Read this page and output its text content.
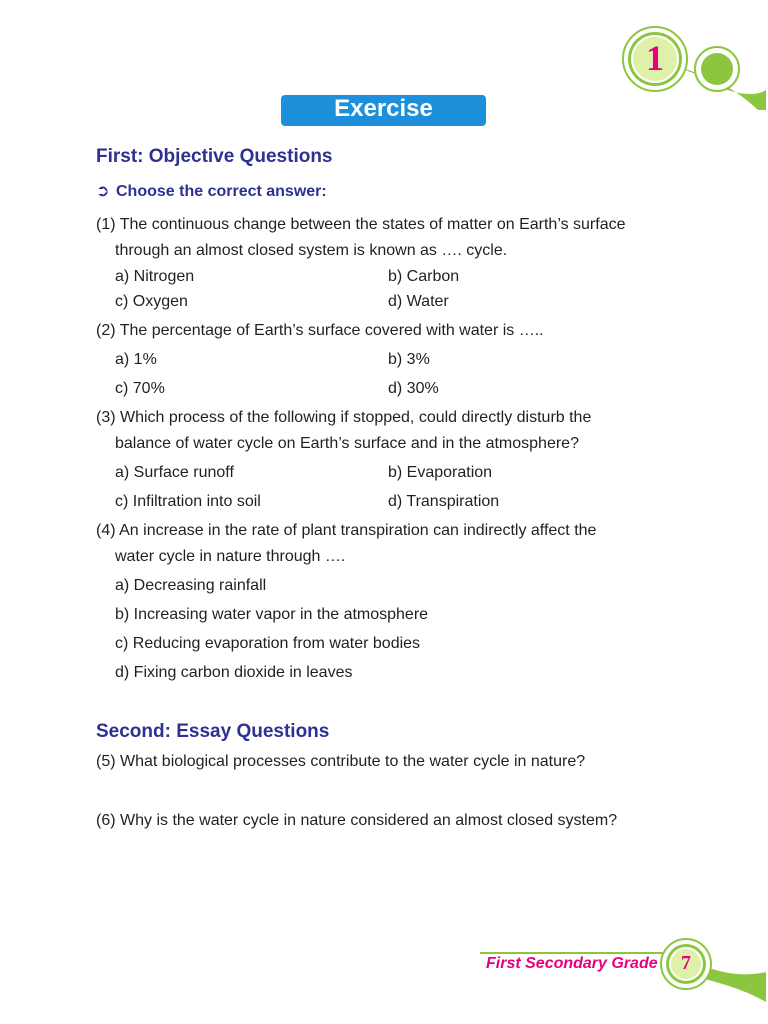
1
Exercise
First: Objective Questions
➲ Choose the correct answer:
(1) The continuous change between the states of matter on Earth’s surface
through an almost closed system is known as …. cycle.
a) Nitrogen	b) Carbon
c) Oxygen	d) Water
(2) The percentage of Earth’s surface covered with water is …..
a) 1%	b) 3%
c) 70%	d) 30%
(3) Which process of the following if stopped, could directly disturb the
balance of water cycle on Earth’s surface and in the atmosphere?
a) Surface runoff	b) Evaporation
c) Infiltration into soil	d) Transpiration
(4) An increase in the rate of plant transpiration can indirectly affect the
water cycle in nature through ….
a) Decreasing rainfall
b) Increasing water vapor in the atmosphere
c) Reducing evaporation from water bodies
d) Fixing carbon dioxide in leaves
Second: Essay Questions
(5) What biological processes contribute to the water cycle in nature?
(6) Why is the water cycle in nature considered an almost closed system?
First Secondary Grade	7
